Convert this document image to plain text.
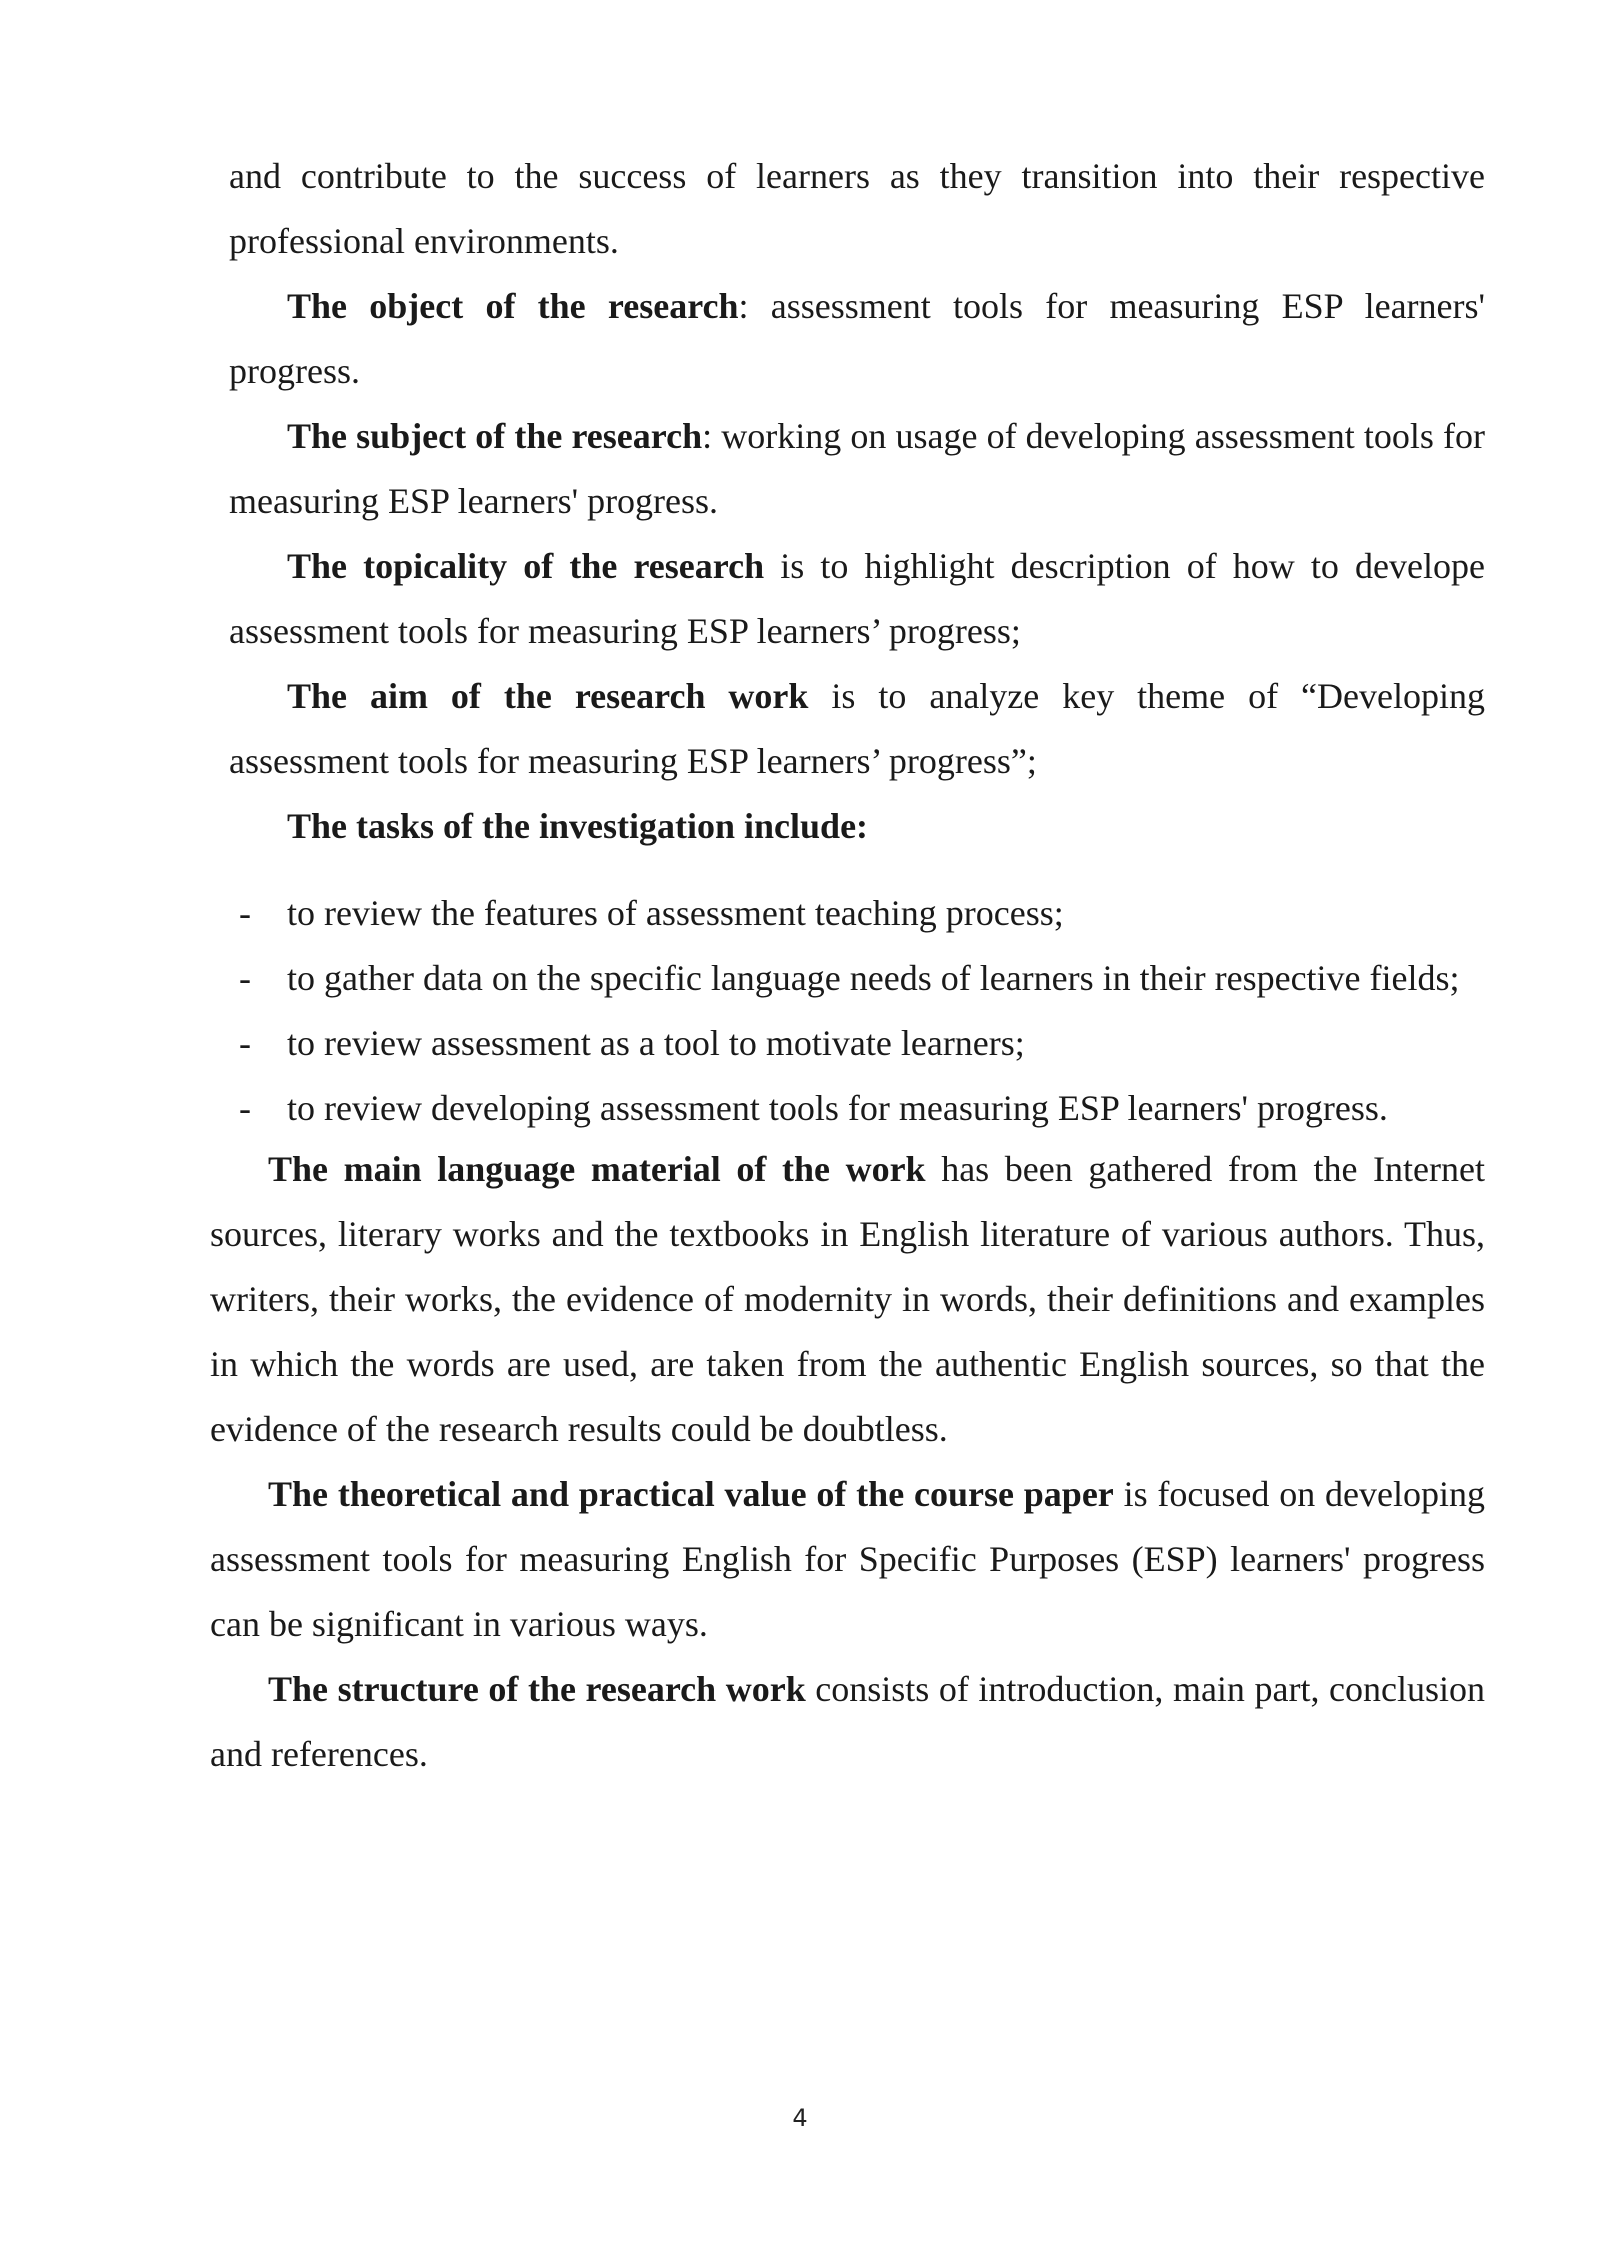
and contribute to the success of learners as they transition into their respective professional environments.

The object of the research: assessment tools for measuring ESP learners' progress.

The subject of the research: working on usage of developing assessment tools for measuring ESP learners' progress.

The topicality of the research is to highlight description of how to develope assessment tools for measuring ESP learners’ progress;

The aim of the research work is to analyze key theme of “Developing assessment tools for measuring ESP learners’ progress”;

The tasks of the investigation include:

- to review the features of assessment teaching process;
- to gather data on the specific language needs of learners in their respective fields;
- to review assessment as a tool to motivate learners;
- to review developing assessment tools for measuring ESP learners' progress.

The main language material of the work has been gathered from the Internet sources, literary works and the textbooks in English literature of various authors. Thus, writers, their works, the evidence of modernity in words, their definitions and examples in which the words are used, are taken from the authentic English sources, so that the evidence of the research results could be doubtless.

The theoretical and practical value of the course paper is focused on developing assessment tools for measuring English for Specific Purposes (ESP) learners' progress can be significant in various ways.

The structure of the research work consists of introduction, main part, conclusion and references.

4
